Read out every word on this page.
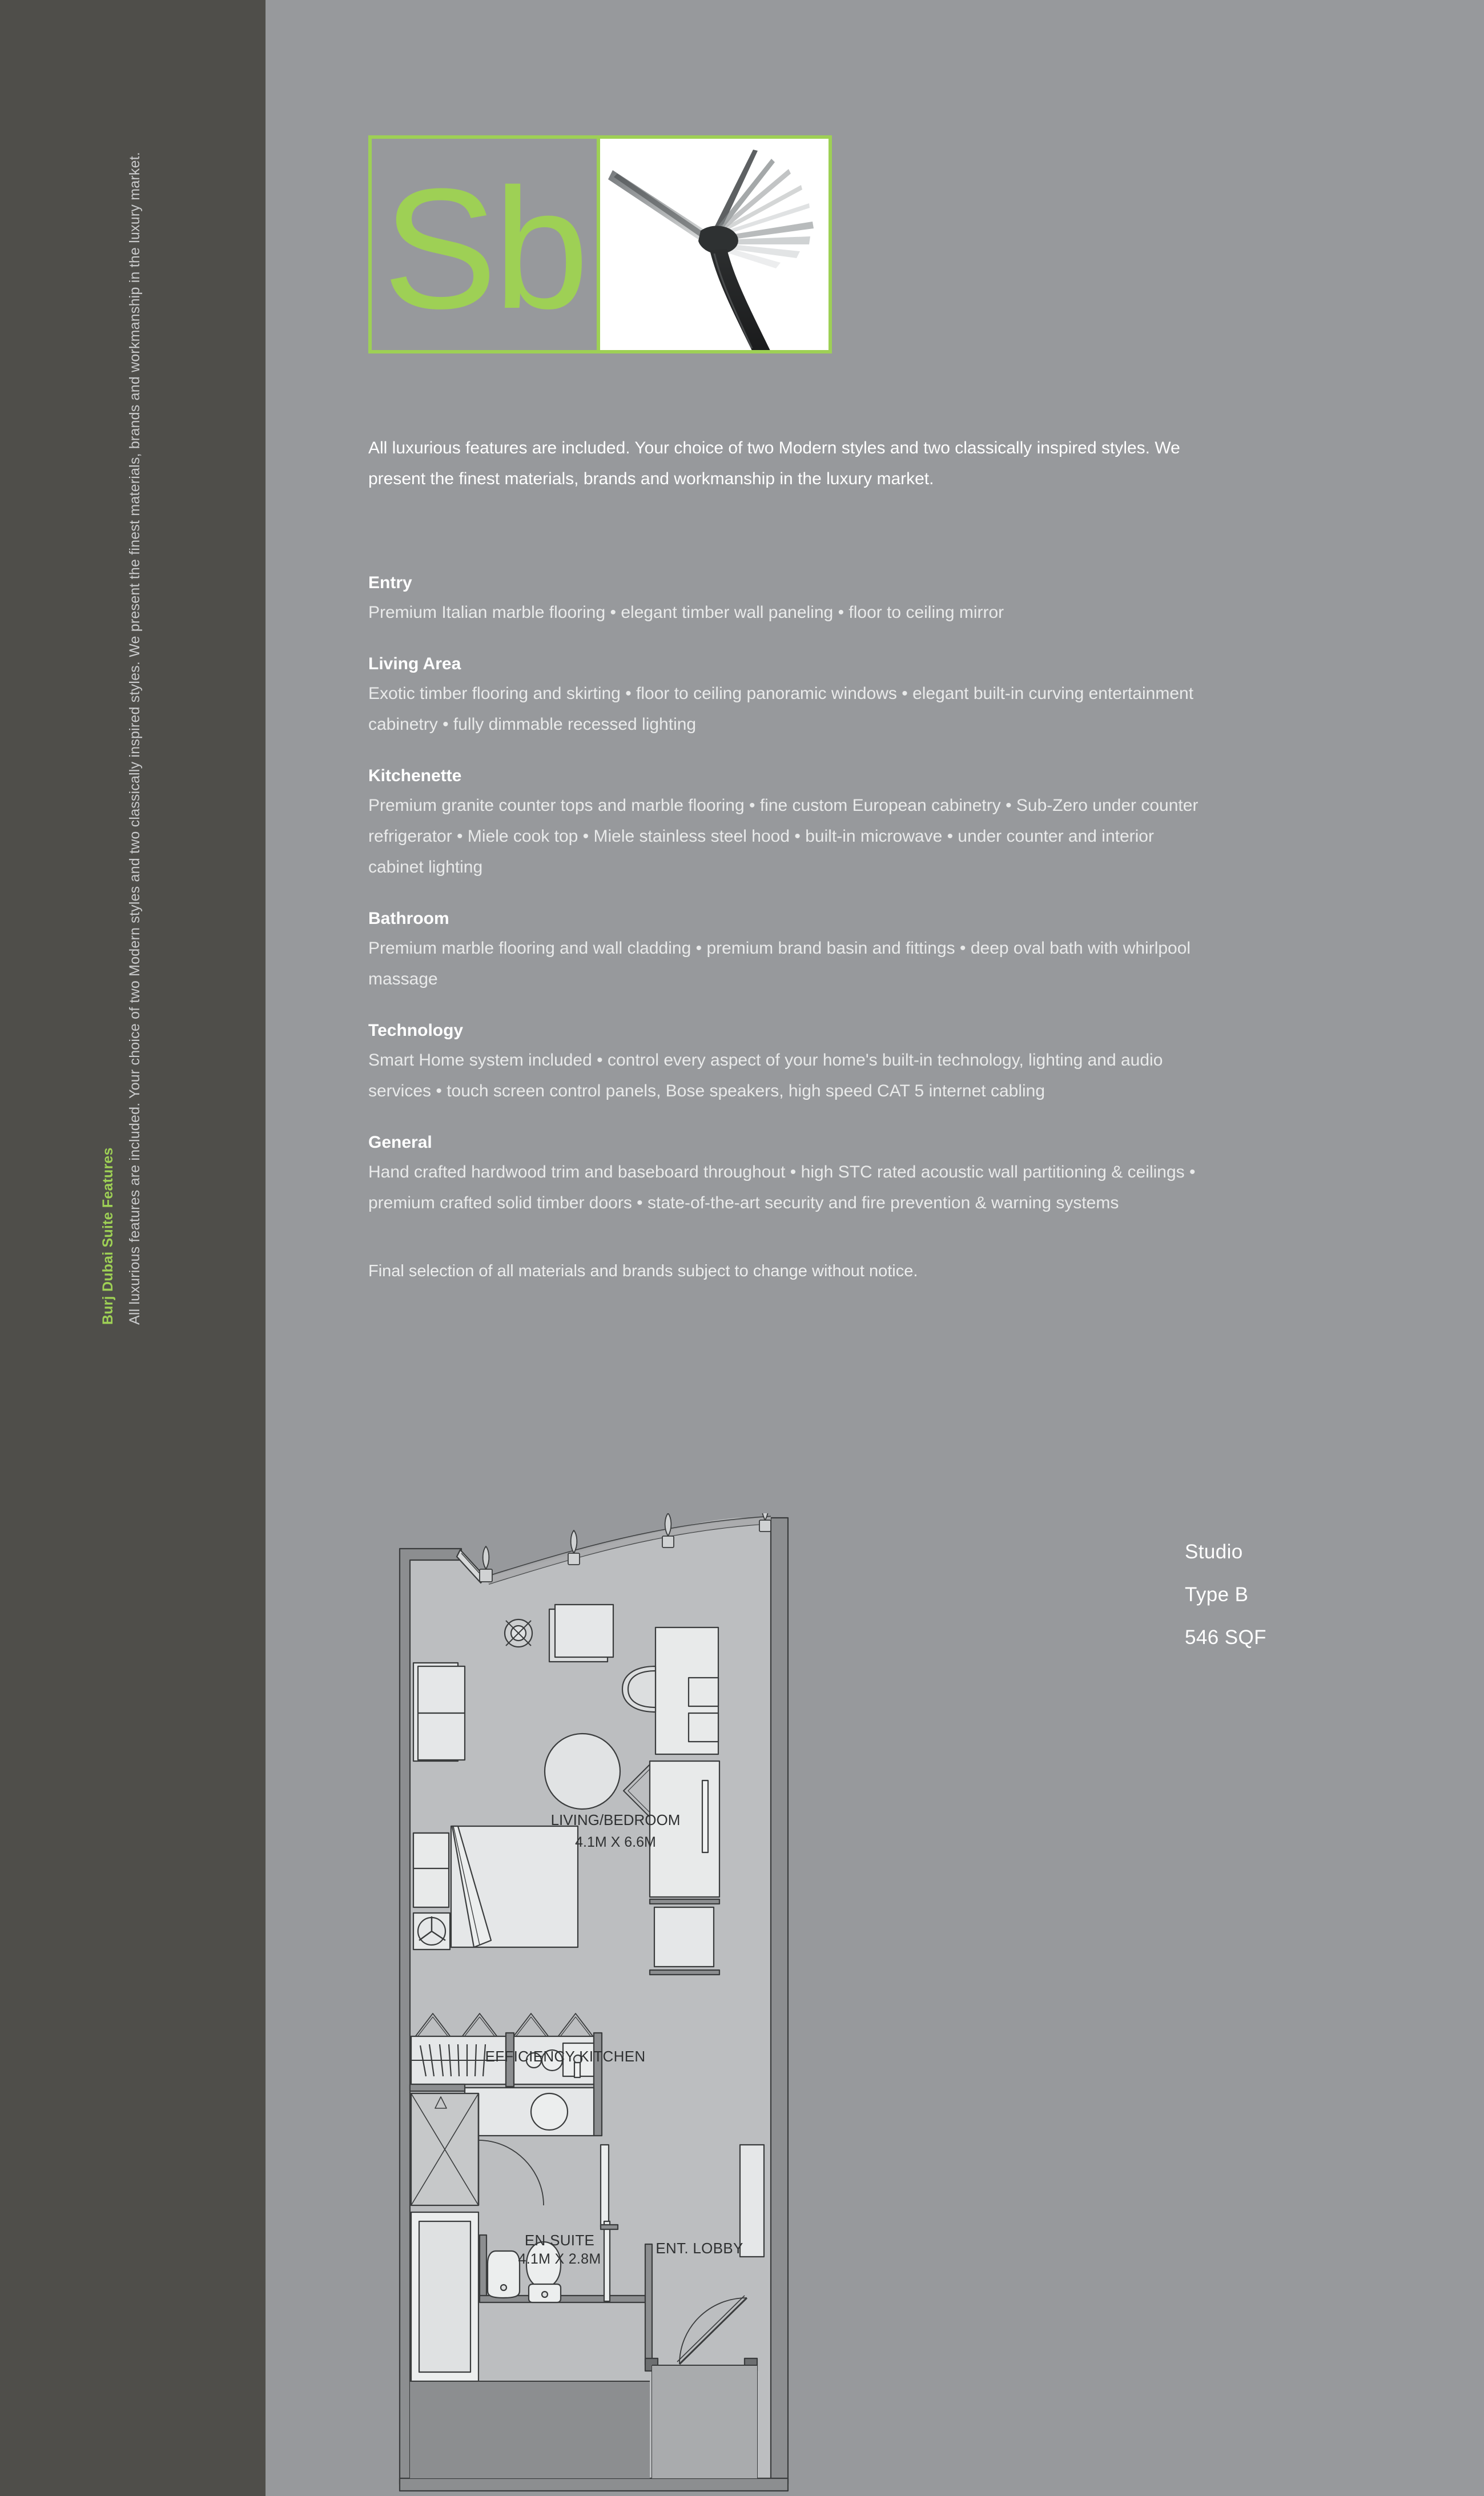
Burj Dubai Suite Features All luxurious features are included. Your choice of two Modern styles and two classically inspired styles. We present the finest materials, brands and workmanship in the luxury market. Sb

All luxurious features are included. Your choice of two Modern styles and two classically inspired styles. We present the finest materials, brands and workmanship in the luxury market.

Entry

Premium Italian marble flooring • elegant timber wall paneling • floor to ceiling mirror

Living Area

Exotic timber flooring and skirting • floor to ceiling panoramic windows • elegant built-in curving entertainment cabinetry • fully dimmable recessed lighting

Kitchenette

Premium granite counter tops and marble flooring • fine custom European cabinetry • Sub-Zero under counter refrigerator • Miele cook top • Miele stainless steel hood • built-in microwave • under counter and interior cabinet lighting

Bathroom

Premium marble flooring and wall cladding • premium brand basin and fittings • deep oval bath with whirlpool massage

Technology

Smart Home system included • control every aspect of your home's built-in technology, lighting and audio services • touch screen control panels, Bose speakers, high speed CAT 5 internet cabling

General

Hand crafted hardwood trim and baseboard throughout • high STC rated acoustic wall partitioning & ceilings • premium crafted solid timber doors • state-of-the-art security and fire prevention & warning systems

Final selection of all materials and brands subject to change without notice.

Studio
Type B
546 SQF
LIVING/BEDROOM
4.1M X 6.6M
EFFICIENCY KITCHEN
EN SUITE
4.1M X 2.8M
ENT. LOBBY
